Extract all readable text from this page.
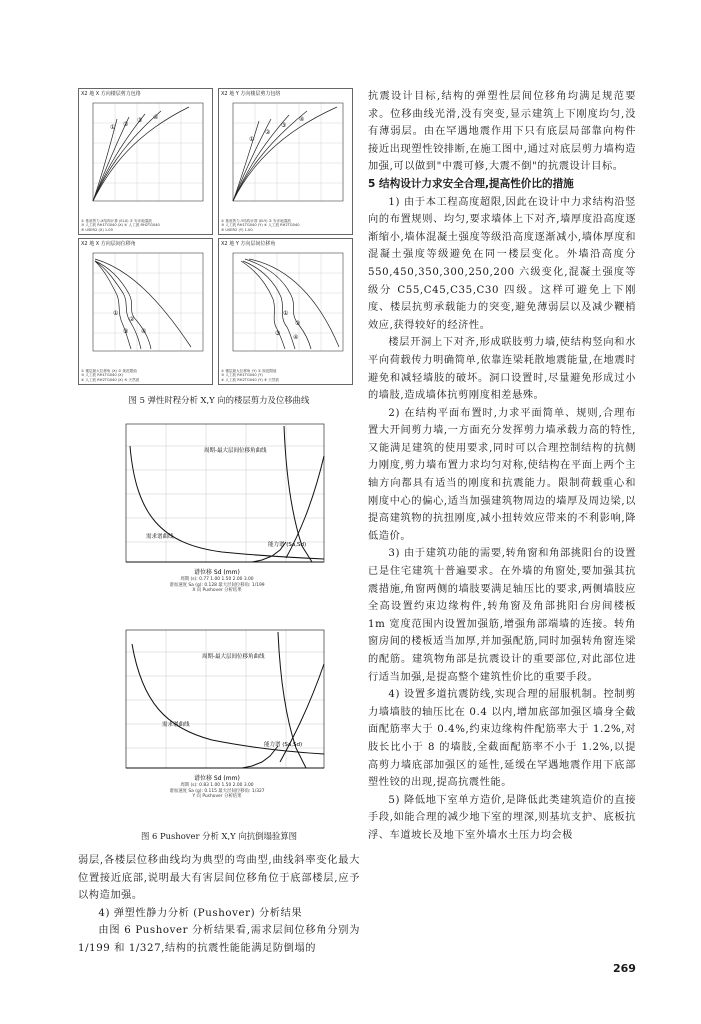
① ②
③ ④
X2 地 X 方向楼层剪力包络
① 基底剪力-X结构计算 (ELX) ② 安评地震波
③ 人工波 RH1TG040 (X) ④ 人工波 RH2TG040
⑤ USER2 (X) 1.00
①
②
③
④
X2 地 Y 方向楼层剪力包络
① 基底剪力-Y结构计算 (ELY) ② 安评地震波
③ 人工波 RH1TG040 (Y) ④ 人工波 RH2TG040
⑤ USER2 (Y) 1.00
①
②
③ ④
X2 地 X 方向层间位移角
① 楼层最大位移角 (X) ② 规范限值
③ 人工波 RH1TG040 (X)
④ 人工波 RH2TG040 (X) ⑤ 天然波
①
②
③
④
X2 地 Y 方向层间位移角
① 楼层最大位移角 (Y) ② 规范限值
③ 人工波 RH1TG040 (Y)
④ 人工波 RH2TG040 (Y) ⑤ 天然波

图 5 弹性时程分析 X,Y 向的楼层剪力及位移曲线

周期-最大层间位移角曲线
需求谱曲线
能力谱 (Sa,Sd)
谱位移 Sd (mm)
周期 (s): 0.77 1.00 1.50 2.00 3.00
谱加速度 Sa (g): 0.128 最大层间位移角: 1/199
X 向 Pushover 分析结果
周期-最大层间位移角曲线
需求谱曲线
能力谱 (Sa,Sd)
谱位移 Sd (mm)
周期 (s): 0.83 1.00 1.50 2.00 3.00
谱加速度 Sa (g): 0.115 最大层间位移角: 1/327
Y 向 Pushover 分析结果

图 6 Pushover 分析 X,Y 向抗倒塌验算图

弱层,各楼层位移曲线均为典型的弯曲型,曲线斜率变化最大位置接近底部,说明最大有害层间位移角位于底部楼层,应予以构造加强。

4) 弹塑性静力分析 (Pushover) 分析结果

由图 6 Pushover 分析结果看,需求层间位移角分别为 1/199 和 1/327,结构的抗震性能能满足防倒塌的

抗震设计目标,结构的弹塑性层间位移角均满足规范要求。位移曲线光滑,没有突变,显示建筑上下刚度均匀,没有薄弱层。由在罕遇地震作用下只有底层局部靠向构件接近出现塑性铰排断,在施工图中,通过对底层剪力墙构造加强,可以做到"中震可修,大震不倒"的抗震设计目标。

5 结构设计力求安全合理,提高性价比的措施

1) 由于本工程高度超限,因此在设计中力求结构沿竖向的布置规则、均匀,要求墙体上下对齐,墙厚度沿高度逐渐缩小,墙体混凝土强度等级沿高度逐渐减小,墙体厚度和混凝土强度等级避免在同一楼层变化。外墙沿高度分 550,450,350,300,250,200 六级变化,混凝土强度等级分 C55,C45,C35,C30 四级。这样可避免上下刚度、楼层抗剪承载能力的突变,避免薄弱层以及减少鞭梢效应,获得较好的经济性。

楼层开洞上下对齐,形成联肢剪力墙,使结构竖向和水平向荷载传力明确简单,依靠连梁耗散地震能量,在地震时避免和减轻墙肢的破坏。洞口设置时,尽量避免形成过小的墙肢,造成墙体抗剪刚度相差悬殊。

2) 在结构平面布置时,力求平面简单、规则,合理布置大开间剪力墙,一方面充分发挥剪力墙承载力高的特性,又能满足建筑的使用要求,同时可以合理控制结构的抗侧力刚度,剪力墙布置力求均匀对称,使结构在平面上两个主轴方向都具有适当的刚度和抗震能力。限制荷载重心和刚度中心的偏心,适当加强建筑物周边的墙厚及周边梁,以提高建筑物的抗扭刚度,减小扭转效应带来的不利影响,降低造价。

3) 由于建筑功能的需要,转角窗和角部挑阳台的设置已是住宅建筑十普遍要求。在外墙的角窗处,要加强其抗震措施,角窗两侧的墙肢要满足轴压比的要求,两侧墙肢应全高设置约束边缘构件,转角窗及角部挑阳台房间楼板 1m 宽度范围内设置加强筋,增强角部端墙的连接。转角窗房间的楼板适当加厚,并加强配筋,同时加强转角窗连梁的配筋。建筑物角部是抗震设计的重要部位,对此部位进行适当加强,是提高整个建筑性价比的重要手段。

4) 设置多道抗震防线,实现合理的屈服机制。控制剪力墙墙肢的轴压比在 0.4 以内,增加底部加强区墙身全截面配筋率大于 0.4%,约束边缘构件配筋率大于 1.2%,对肢长比小于 8 的墙肢,全截面配筋率不小于 1.2%,以提高剪力墙底部加强区的延性,延缓在罕遇地震作用下底部塑性铰的出现,提高抗震性能。

5) 降低地下室单方造价,是降低此类建筑造价的直接手段,如能合理的减少地下室的埋深,则基坑支护、底板抗浮、车道坡长及地下室外墙水土压力均会极

269
